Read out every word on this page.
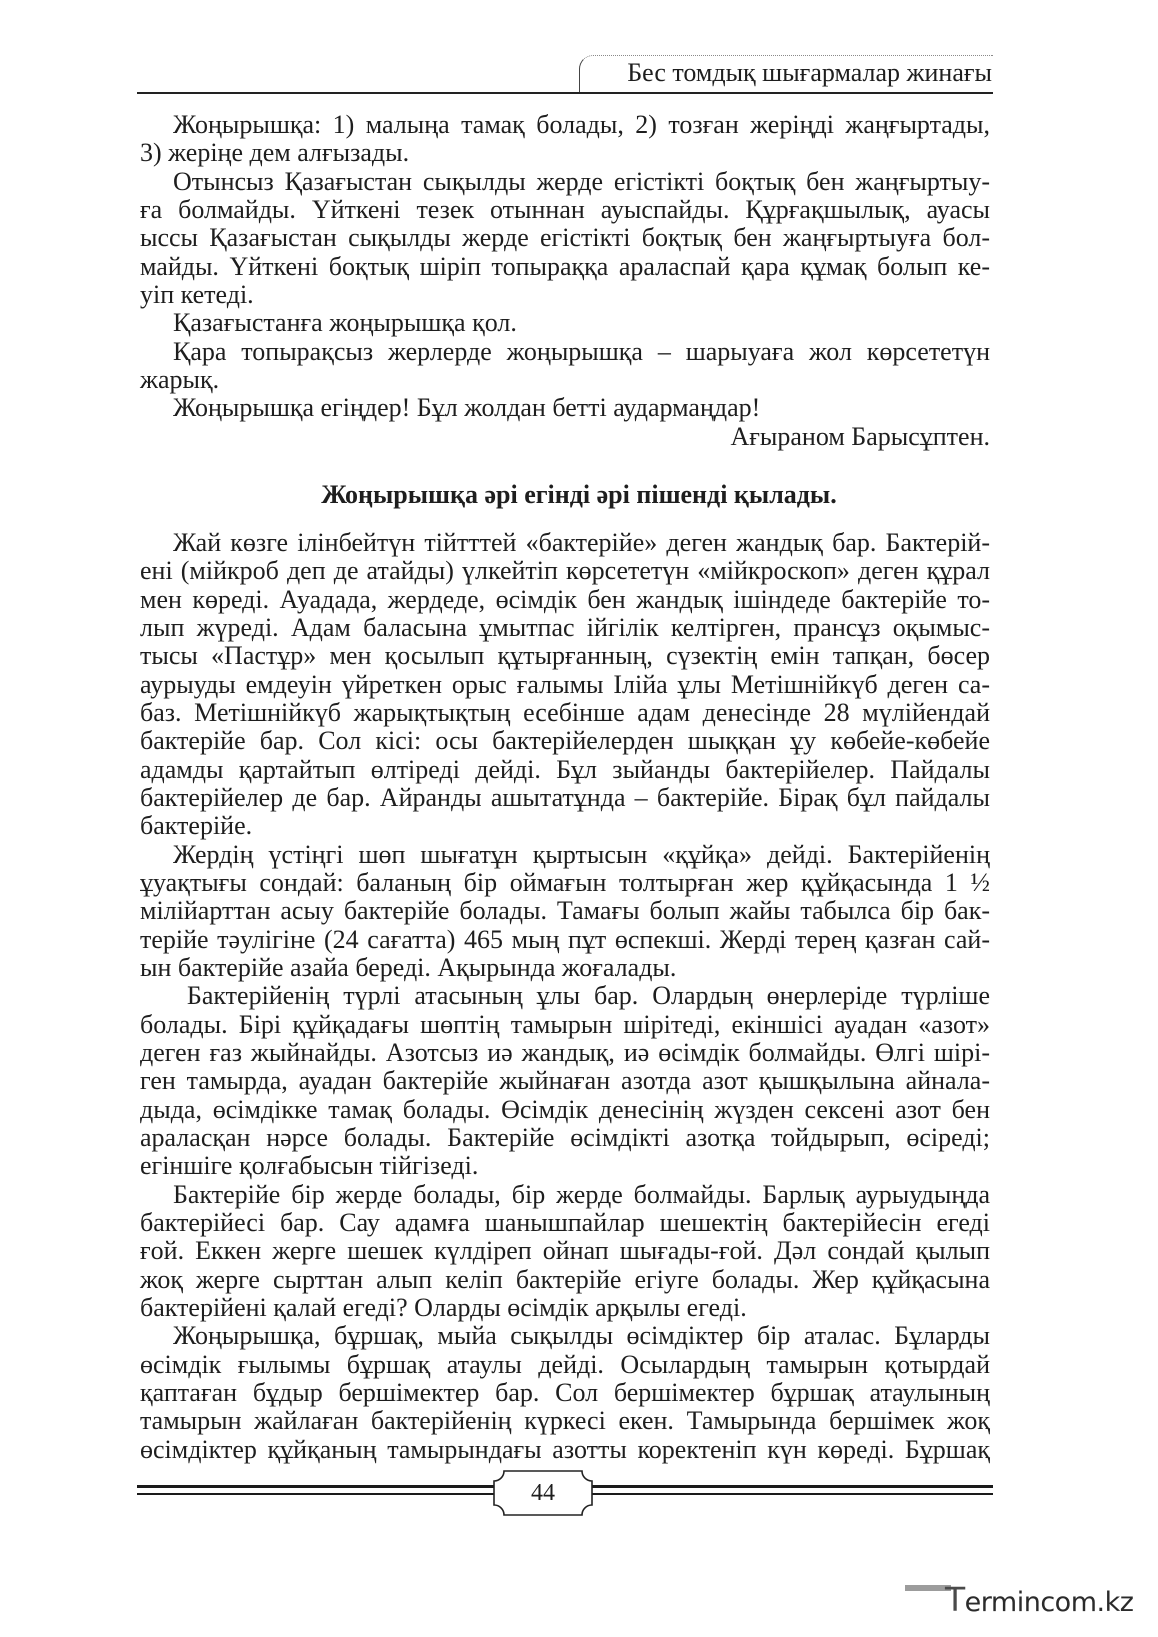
Бес томдық шығармалар жинағы
Жоңырышқа: 1) малыңа тамақ болады, 2) тозған жеріңді жаңғыртады,
3) жеріңе дем алғызады.
Отынсыз Қазағыстан сықылды жерде егістікті боқтық бен жаңғыртыу-
ға болмайды. Үйткені тезек отыннан ауыспайды. Құрғақшылық, ауасы
ыссы Қазағыстан сықылды жерде егістікті боқтық бен жаңғыртыуға бол-
майды. Үйткені боқтық шіріп топыраққа араласпай қара құмақ болып ке-
уіп кетеді.
Қазағыстанға жоңырышқа қол.
Қара топырақсыз жерлерде жоңырышқа – шарыуаға жол көрсететүн
жарық.
Жоңырышқа егіңдер! Бұл жолдан бетті аудармаңдар!
Ағыраном Барысұптен.
Жоңырышқа әрі егінді әрі пішенді қылады.
Жай көзге ілінбейтүн тійтттей «бактерійе» деген жандық бар. Бактерій-
ені (мійкроб деп де атайды) үлкейтіп көрсететүн «мійкроскоп» деген құрал
мен көреді. Ауадада, жердеде, өсімдік бен жандық ішіндеде бактерійе то-
лып жүреді. Адам баласына ұмытпас ійгілік келтірген, прансұз оқымыс-
тысы «Пастұр» мен қосылып құтырғанның, сүзектің емін тапқан, бөсер
аурыуды емдеуін үйреткен орыс ғалымы Ілійа ұлы Метішнійкүб деген са-
баз. Метішнійкүб жарықтықтың есебінше адам денесінде 28 мүлійендай
бактерійе бар. Сол кісі: осы бактерійелерден шыққан ұу көбейе-көбейе
адамды қартайтып өлтіреді дейді. Бұл зыйанды бактерійелер. Пайдалы
бактерійелер де бар. Айранды ашытатұнда – бактерійе. Бірақ бұл пайдалы
бактерійе.
Жердің үстіңгі шөп шығатұн қыртысын «құйқа» дейді. Бактерійенің
ұуақтығы сондай: баланың бір оймағын толтырған жер құйқасында 1 ½
мілійарттан асыу бактерійе болады. Тамағы болып жайы табылса бір бак-
терійе тәулігіне (24 сағатта) 465 мың пұт өспекші. Жерді терең қазған сай-
ын бактерійе азайа береді. Ақырында жоғалады.
Бактерійенің түрлі атасының ұлы бар. Олардың өнерлеріде түрліше
болады. Бірі құйқадағы шөптің тамырын шірітеді, екіншісі ауадан «азот»
деген ғаз жыйнайды. Азотсыз иә жандық, иә өсімдік болмайды. Өлгі шірі-
ген тамырда, ауадан бактерійе жыйнаған азотда азот қышқылына айнала-
дыда, өсімдікке тамақ болады. Өсімдік денесінің жүзден сексені азот бен
араласқан нәрсе болады. Бактерійе өсімдікті азотқа тойдырып, өсіреді;
егіншіге қолғабысын тійгізеді.
Бактерійе бір жерде болады, бір жерде болмайды. Барлық аурыудыңда
бактерійесі бар. Сау адамға шанышпайлар шешектің бактерійесін егеді
ғой. Еккен жерге шешек күлдіреп ойнап шығады-ғой. Дәл сондай қылып
жоқ жерге сырттан алып келіп бактерійе егіуге болады. Жер құйқасына
бактерійені қалай егеді? Оларды өсімдік арқылы егеді.
Жоңырышқа, бұршақ, мыйа сықылды өсімдіктер бір аталас. Бұларды
өсімдік ғылымы бұршақ атаулы дейді. Осылардың тамырын қотырдай
қаптаған бұдыр бершімектер бар. Сол бершімектер бұршақ атаулының
тамырын жайлаған бактерійенің күркесі екен. Тамырында бершімек жоқ
өсімдіктер құйқаның тамырындағы азотты коректеніп күн көреді. Бұршақ
44
Termincom.kz
